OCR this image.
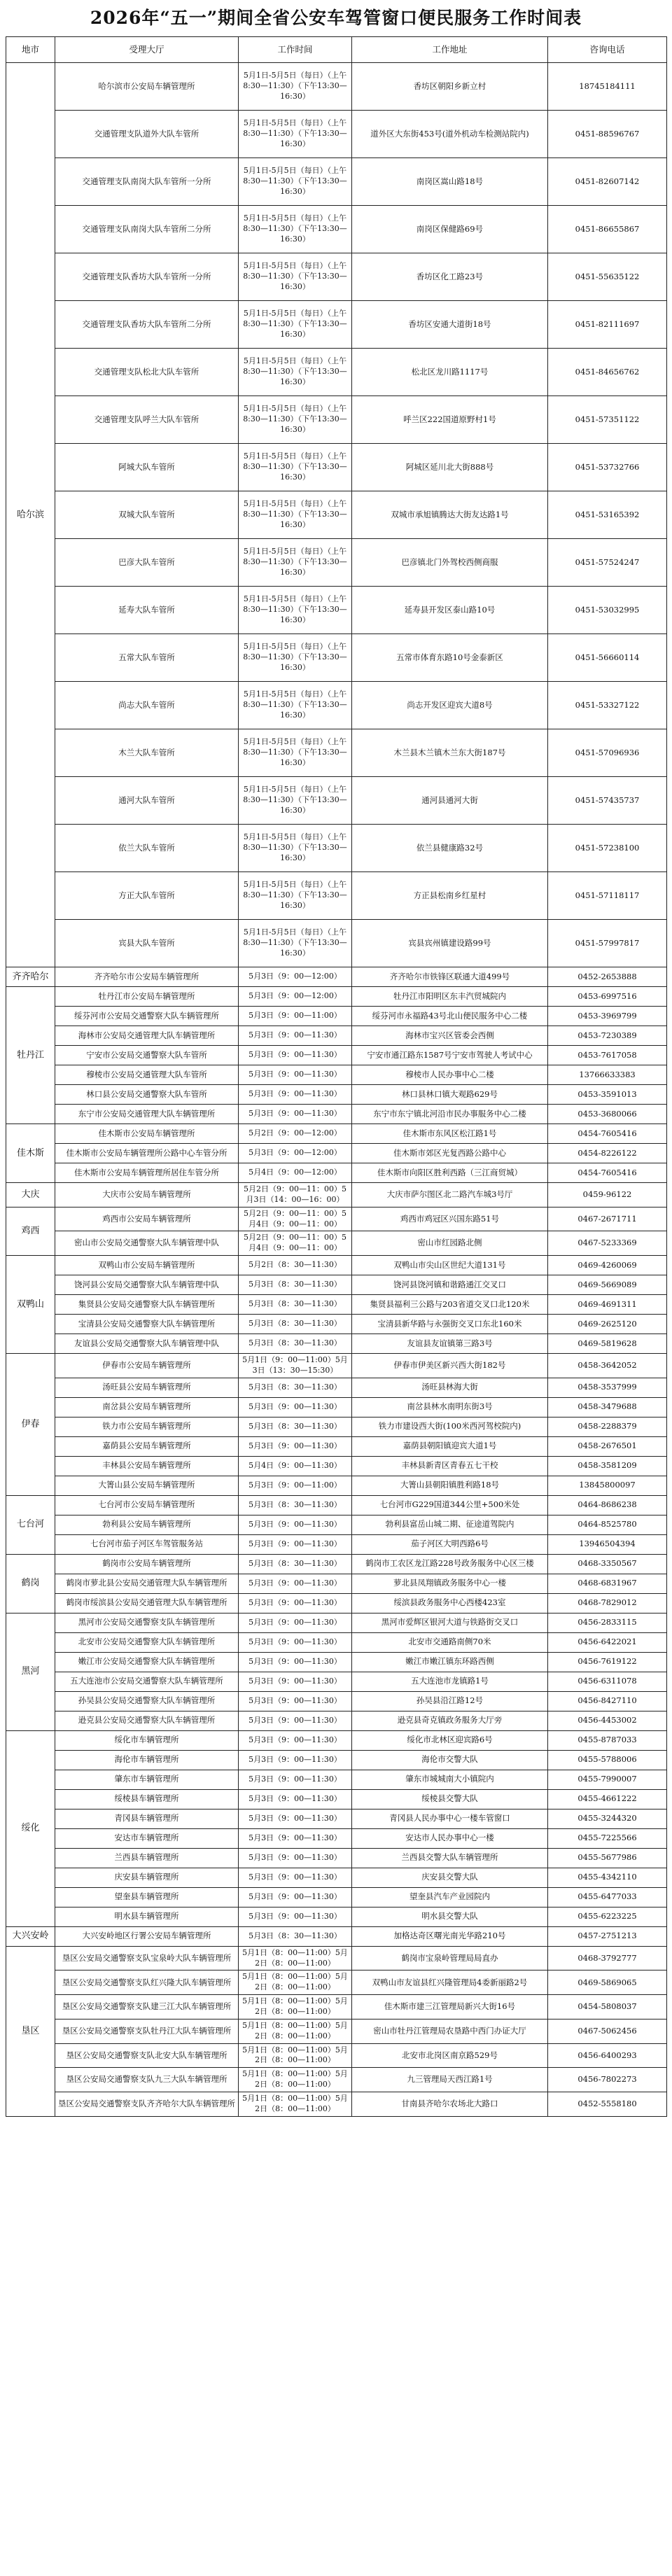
2026年“五一”期间全省公安车驾管窗口便民服务工作时间表
地市	受理大厅	工作时间	工作地址	咨询电话
哈尔滨	哈尔滨市公安局车辆管理所	5月1日-5月5日（每日）（上午8:30—11:30）（下午13:30—16:30）	香坊区朝阳乡新立村	18745184111
	交通管理支队道外大队车管所	5月1日-5月5日（每日）（上午8:30—11:30）（下午13:30—16:30）	道外区大东街453号(道外机动车检测站院内)	0451-88596767
	交通管理支队南岗大队车管所一分所	5月1日-5月5日（每日）（上午8:30—11:30）（下午13:30—16:30）	南岗区嵩山路18号	0451-82607142
	交通管理支队南岗大队车管所二分所	5月1日-5月5日（每日）（上午8:30—11:30）（下午13:30—16:30）	南岗区保健路69号	0451-86655867
	交通管理支队香坊大队车管所一分所	5月1日-5月5日（每日）（上午8:30—11:30）（下午13:30—16:30）	香坊区化工路23号	0451-55635122
	交通管理支队香坊大队车管所二分所	5月1日-5月5日（每日）（上午8:30—11:30）（下午13:30—16:30）	香坊区安通大道街18号	0451-82111697
	交通管理支队松北大队车管所	5月1日-5月5日（每日）（上午8:30—11:30）（下午13:30—16:30）	松北区龙川路1117号	0451-84656762
	交通管理支队呼兰大队车管所	5月1日-5月5日（每日）（上午8:30—11:30）（下午13:30—16:30）	呼兰区222国道原野村1号	0451-57351122
	阿城大队车管所	5月1日-5月5日（每日）（上午8:30—11:30）（下午13:30—16:30）	阿城区延川北大街888号	0451-53732766
	双城大队车管所	5月1日-5月5日（每日）（上午8:30—11:30）（下午13:30—16:30）	双城市承旭镇腾达大街友达路1号	0451-53165392
	巴彦大队车管所	5月1日-5月5日（每日）（上午8:30—11:30）（下午13:30—16:30）	巴彦镇北门外驾校西侧商服	0451-57524247
	延寿大队车管所	5月1日-5月5日（每日）（上午8:30—11:30）（下午13:30—16:30）	延寿县开发区泰山路10号	0451-53032995
	五常大队车管所	5月1日-5月5日（每日）（上午8:30—11:30）（下午13:30—16:30）	五常市体育东路10号金泰新区	0451-56660114
	尚志大队车管所	5月1日-5月5日（每日）（上午8:30—11:30）（下午13:30—16:30）	尚志开发区迎宾大道8号	0451-53327122
	木兰大队车管所	5月1日-5月5日（每日）（上午8:30—11:30）（下午13:30—16:30）	木兰县木兰镇木兰东大街187号	0451-57096936
	通河大队车管所	5月1日-5月5日（每日）（上午8:30—11:30）（下午13:30—16:30）	通河县通河大街	0451-57435737
	依兰大队车管所	5月1日-5月5日（每日）（上午8:30—11:30）（下午13:30—16:30）	依兰县健康路32号	0451-57238100
	方正大队车管所	5月1日-5月5日（每日）（上午8:30—11:30）（下午13:30—16:30）	方正县松南乡红星村	0451-57118117
	宾县大队车管所	5月1日-5月5日（每日）（上午8:30—11:30）（下午13:30—16:30）	宾县宾州镇建设路99号	0451-57997817
齐齐哈尔	齐齐哈尔市公安局车辆管理所	5月3日（9：00—12:00）	齐齐哈尔市铁锋区联通大道499号	0452-2653888
牡丹江	牡丹江市公安局车辆管理所	5月3日（9：00—12:00）	牡丹江市阳明区东丰汽贸城院内	0453-6997516
	绥芬河市公安局交通警察大队车辆管理所	5月3日（9：00—11:00）	绥芬河市永福路43号北山便民服务中心二楼	0453-3969799
	海林市公安局交通管理大队车辆管理所	5月3日（9：00—11:30）	海林市宝兴区管委会西侧	0453-7230389
	宁安市公安局交通警察大队车管所	5月3日（9：00—11:30）	宁安市通江路东1587号宁安市驾驶人考试中心	0453-7617058
	穆棱市公安局交通管理大队车管所	5月3日（9：00—11:30）	穆棱市人民办事中心二楼	13766633383
	林口县公安局交通警察大队车管所	5月3日（9：00—11:30）	林口县林口镇大观路629号	0453-3591013
	东宁市公安局交通管理大队车辆管理所	5月3日（9：00—11:30）	东宁市东宁镇北河沿市民办事服务中心二楼	0453-3680066
佳木斯	佳木斯市公安局车辆管理所	5月2日（9：00—12:00）	佳木斯市东风区松江路1号	0454-7605416
	佳木斯市公安局车辆管理所公路中心车管分所	5月3日（9：00—12:00）	佳木斯市郊区光复西路公路中心	0454-8226122
	佳木斯市公安局车辆管理所居住车管分所	5月4日（9：00—12:00）	佳木斯市向阳区胜利西路（三江商贸城）	0454-7605416
大庆	大庆市公安局车辆管理所	5月2日（9：00—11：00）5月3日（14：00—16：00）	大庆市萨尔图区北二路汽车城3号厅	0459-96122
鸡西	鸡西市公安局车辆管理所	5月2日（9：00—11：00）5月4日（9：00—11：00）	鸡西市鸡冠区兴国东路51号	0467-2671711
	密山市公安局交通警察大队车辆管理中队	5月2日（9：00—11：00）5月4日（9：00—11：00）	密山市红园路北侧	0467-5233369
双鸭山	双鸭山市公安局车辆管理所	5月2日（8：30—11:30）	双鸭山市尖山区世纪大道131号	0469-4260069
	饶河县公安局交通警察大队车辆管理中队	5月3日（8：30—11:30）	饶河县饶河镇和谐路通江交叉口	0469-5669089
	集贤县公安局交通警察大队车辆管理所	5月3日（8：30—11:30）	集贤县福利三公路与203省道交叉口北120米	0469-4691311
	宝清县公安局交通警察大队车辆管理所	5月3日（8：30—11:30）	宝清县新华路与永强街交叉口东北160米	0469-2625120
	友谊县公安局交通警察大队车辆管理中队	5月3日（8：30—11:30）	友谊县友谊镇第三路3号	0469-5819628
伊春	伊春市公安局车辆管理所	5月1日（9：00—11:00）5月3日（13：30—15:30）	伊春市伊美区新兴西大街182号	0458-3642052
	汤旺县公安局车辆管理所	5月3日（8：30—11:30）	汤旺县林海大街	0458-3537999
	南岔县公安局车辆管理所	5月3日（9：00—11:30）	南岔县林水南明东街3号	0458-3479688
	铁力市公安局车辆管理所	5月3日（8：30—11:30）	铁力市建设西大街(100米西河驾校院内)	0458-2288379
	嘉荫县公安局车辆管理所	5月3日（9：00—11:30）	嘉荫县朝阳镇迎宾大道1号	0458-2676501
	丰林县公安局车辆管理所	5月4日（9：00—11:30）	丰林县新青区青春五七干校	0458-3581209
	大箐山县公安局车辆管理所	5月3日（9：00—11:00）	大箐山县朝阳镇胜利路18号	13845800097
七台河	七台河市公安局车辆管理所	5月3日（8：30—11:30）	七台河市G229国道344公里+500米处	0464-8686238
	勃利县公安局车辆管理所	5月3日（9：00—11:30）	勃利县富岳山城二期、征途道驾院内	0464-8525780
	七台河市茄子河区车驾管服务站	5月3日（9：00—11:30）	茄子河区大明西路6号	13946504394
鹤岗	鹤岗市公安局车辆管理所	5月3日（8：30—11:30）	鹤岗市工农区龙江路228号政务服务中心区三楼	0468-3350567
	鹤岗市萝北县公安局交通管理大队车辆管理所	5月3日（9：00—11:30）	萝北县凤翔镇政务服务中心一楼	0468-6831967
	鹤岗市绥滨县公安局交通管理大队车辆管理所	5月3日（9：00—11:30）	绥滨县政务服务中心西楼423室	0468-7829012
黑河	黑河市公安局交通警察支队车辆管理所	5月3日（9：00—11:30）	黑河市爱辉区银河大道与铁路街交叉口	0456-2833115
	北安市公安局交通警察大队车辆管理所	5月3日（9：00—11:30）	北安市交通路南侧70米	0456-6422021
	嫩江市公安局交通警察大队车辆管理所	5月3日（9：00—11:30）	嫩江市嫩江镇东环路西侧	0456-7619122
	五大连池市公安局交通警察大队车辆管理所	5月3日（9：00—11:30）	五大连池市龙镇路1号	0456-6311078
	孙吴县公安局交通警察大队车辆管理所	5月3日（9：00—11:30）	孙吴县沿江路12号	0456-8427110
	逊克县公安局交通警察大队车辆管理所	5月3日（9：00—11:30）	逊克县奇克镇政务服务大厅旁	0456-4453002
绥化	绥化市车辆管理所	5月3日（9：00—11:30）	绥化市北林区迎宾路6号	0455-8787033
	海伦市车辆管理所	5月3日（9：00—11:30）	海伦市交警大队	0455-5788006
	肇东市车辆管理所	5月3日（9：00—11:30）	肇东市城城南大小镇院内	0455-7990007
	绥棱县车辆管理所	5月3日（9：00—11:30）	绥棱县交警大队	0455-4661222
	青冈县车辆管理所	5月3日（9：00—11:30）	青冈县人民办事中心一楼车管窗口	0455-3244320
	安达市车辆管理所	5月3日（9：00—11:30）	安达市人民办事中心一楼	0455-7225566
	兰西县车辆管理所	5月3日（9：00—11:30）	兰西县交警大队车辆管理所	0455-5677986
	庆安县车辆管理所	5月3日（9：00—11:30）	庆安县交警大队	0455-4342110
	望奎县车辆管理所	5月3日（9：00—11:30）	望奎县汽车产业园院内	0455-6477033
	明水县车辆管理所	5月3日（9：00—11:30）	明水县交警大队	0455-6223225
大兴安岭	大兴安岭地区行署公安局车辆管理所	5月3日（8：30—11:30）	加格达奇区曙光南光华路210号	0457-2751213
垦区	垦区公安局交通警察支队宝泉岭大队车辆管理所	5月1日（8：00—11:00）5月2日（8：00—11:00）	鹤岗市宝泉岭管理局局直办	0468-3792777
	垦区公安局交通警察支队红兴隆大队车辆管理所	5月1日（8：00—11:00）5月2日（8：00—11:00）	双鸭山市友谊县红兴隆管理局4委新丽路2号	0469-5869065
	垦区公安局交通警察支队建三江大队车辆管理所	5月1日（8：00—11:00）5月2日（8：00—11:00）	佳木斯市建三江管理局新兴大街16号	0454-5808037
	垦区公安局交通警察支队牡丹江大队车辆管理所	5月1日（8：00—11:00）5月2日（8：00—11:00）	密山市牡丹江管理局农垦路中西门办证大厅	0467-5062456
	垦区公安局交通警察支队北安大队车辆管理所	5月1日（8：00—11:00）5月2日（8：00—11:00）	北安市北岗区南京路529号	0456-6400293
	垦区公安局交通警察支队九三大队车辆管理所	5月1日（8：00—11:00）5月2日（8：00—11:00）	九三管理局天西江路1号	0456-7802273
	垦区公安局交通警察支队齐齐哈尔大队车辆管理所	5月1日（8：00—11:00）5月2日（8：00—11:00）	甘南县齐哈尔农场北大路口	0452-5558180
